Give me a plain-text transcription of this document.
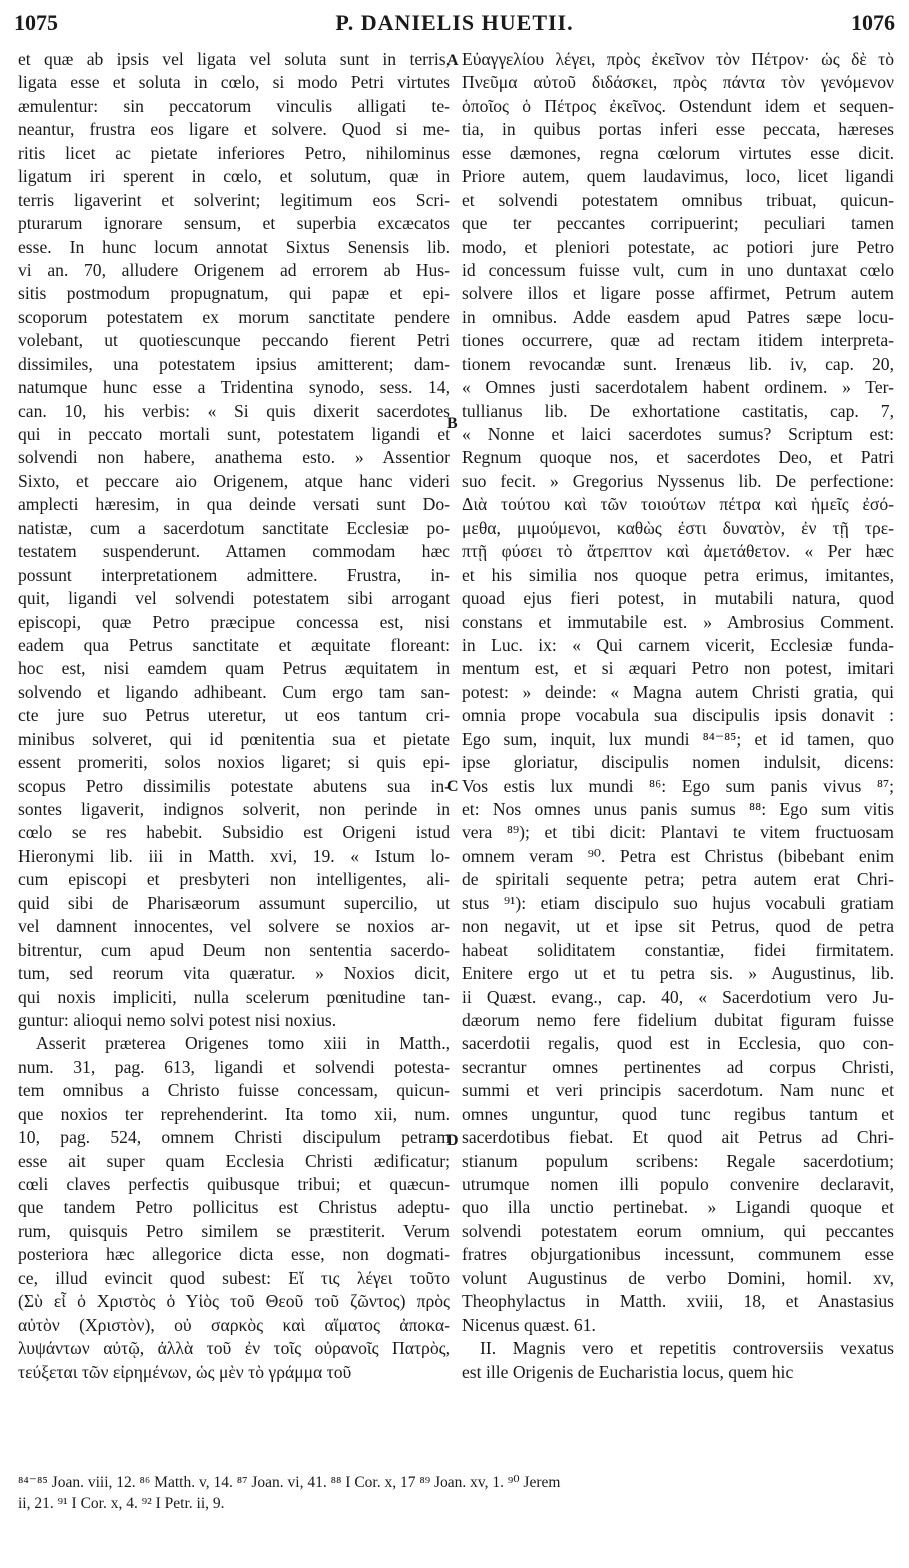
1075	P. DANIELIS HUETII.	1076
et quæ ab ipsis vel ligata vel soluta sunt in terris,
ligata esse et soluta in cœlo, si modo Petri virtutes
æmulentur: sin peccatorum vinculis alligati te-
neantur, frustra eos ligare et solvere. Quod si me-
ritis licet ac pietate inferiores Petro, nihilominus
ligatum iri sperent in cœlo, et solutum, quæ in
terris ligaverint et solverint; legitimum eos Scri-
pturarum ignorare sensum, et superbia excæcatos
esse. In hunc locum annotat Sixtus Senensis lib.
vi an. 70, alludere Origenem ad errorem ab Hus-
sitis postmodum propugnatum, qui papæ et epi-
scoporum potestatem ex morum sanctitate pendere
volebant, ut quotiescunque peccando fierent Petri
dissimiles, una potestatem ipsius amitterent; dam-
natumque hunc esse a Tridentina synodo, sess. 14,
can. 10, his verbis: « Si quis dixerit sacerdotes
qui in peccato mortali sunt, potestatem ligandi et
solvendi non habere, anathema esto. » Assentior
Sixto, et peccare aio Origenem, atque hanc videri
amplecti hæresim, in qua deinde versati sunt Do-
natistæ, cum a sacerdotum sanctitate Ecclesiæ po-
testatem suspenderunt. Attamen commodam hæc
possunt interpretationem admittere. Frustra, in-
quit, ligandi vel solvendi potestatem sibi arrogant
episcopi, quæ Petro præcipue concessa est, nisi
eadem qua Petrus sanctitate et æquitate floreant:
hoc est, nisi eamdem quam Petrus æquitatem in
solvendo et ligando adhibeant. Cum ergo tam san-
cte jure suo Petrus uteretur, ut eos tantum cri-
minibus solveret, qui id pœnitentia sua et pietate
essent promeriti, solos noxios ligaret; si quis epi-
scopus Petro dissimilis potestate abutens sua in-
sontes ligaverit, indignos solverit, non perinde in
cœlo se res habebit. Subsidio est Origeni istud
Hieronymi lib. iii in Matth. xvi, 19. « Istum lo-
cum episcopi et presbyteri non intelligentes, ali-
quid sibi de Pharisæorum assumunt supercilio, ut
vel damnent innocentes, vel solvere se noxios ar-
bitrentur, cum apud Deum non sententia sacerdo-
tum, sed reorum vita quæratur. » Noxios dicit,
qui noxis impliciti, nulla scelerum pœnitudine tan-
guntur: alioqui nemo solvi potest nisi noxius.
Asserit præterea Origenes tomo xiii in Matth.,
num. 31, pag. 613, ligandi et solvendi potesta-
tem omnibus a Christo fuisse concessam, quicun-
que noxios ter reprehenderint. Ita tomo xii, num.
10, pag. 524, omnem Christi discipulum petram
esse ait super quam Ecclesia Christi ædificatur;
cœli claves perfectis quibusque tribui; et quæcun-
que tandem Petro pollicitus est Christus adeptu-
rum, quisquis Petro similem se præstiterit. Verum
posteriora hæc allegorice dicta esse, non dogmati-
ce, illud evincit quod subest: Εἴ τις λέγει τοῦτο
(Σὺ εἶ ὁ Χριστὸς ὁ Υἱὸς τοῦ Θεοῦ τοῦ ζῶντος) πρὸς
αὐτὸν (Χριστὸν), οὐ σαρκὸς καὶ αἵματος ἀποκα-
λυψάντων αὐτῷ, ἀλλὰ τοῦ ἐν τοῖς οὐρανοῖς Πατρὸς,
τεύξεται τῶν εἰρημένων, ὡς μὲν τὸ γράμμα τοῦ
Εὐαγγελίου λέγει, πρὸς ἐκεῖνον τὸν Πέτρον· ὡς δὲ τὸ
Πνεῦμα αὐτοῦ διδάσκει, πρὸς πάντα τὸν γενόμενον
ὁποῖος ὁ Πέτρος ἐκεῖνος. Ostendunt idem et sequen-
tia, in quibus portas inferi esse peccata, hæreses
esse dæmones, regna cœlorum virtutes esse dicit.
Priore autem, quem laudavimus, loco, licet ligandi
et solvendi potestatem omnibus tribuat, quicun-
que ter peccantes corripuerint; peculiari tamen
modo, et pleniori potestate, ac potiori jure Petro
id concessum fuisse vult, cum in uno duntaxat cœlo
solvere illos et ligare posse affirmet, Petrum autem
in omnibus. Adde easdem apud Patres sæpe locu-
tiones occurrere, quæ ad rectam itidem interpreta-
tionem revocandæ sunt. Irenæus lib. iv, cap. 20,
« Omnes justi sacerdotalem habent ordinem. » Ter-
tullianus lib. De exhortatione castitatis, cap. 7,
« Nonne et laici sacerdotes sumus? Scriptum est:
Regnum quoque nos, et sacerdotes Deo, et Patri
suo fecit. » Gregorius Nyssenus lib. De perfectione:
Διὰ τούτου καὶ τῶν τοιούτων πέτρα καὶ ἡμεῖς ἐσό-
μεθα, μιμούμενοι, καθὼς ἐστι δυνατὸν, ἐν τῇ τρε-
πτῇ φύσει τὸ ἄτρεπτον καὶ ἀμετάθετον. « Per hæc
et his similia nos quoque petra erimus, imitantes,
quoad ejus fieri potest, in mutabili natura, quod
constans et immutabile est. » Ambrosius Comment.
in Luc. ix: « Qui carnem vicerit, Ecclesiæ funda-
mentum est, et si æquari Petro non potest, imitari
potest: » deinde: « Magna autem Christi gratia, qui
omnia prope vocabula sua discipulis ipsis donavit :
Ego sum, inquit, lux mundi ⁸⁴⁻⁸⁵; et id tamen, quo
ipse gloriatur, discipulis nomen indulsit, dicens:
Vos estis lux mundi ⁸⁶: Ego sum panis vivus ⁸⁷;
et: Nos omnes unus panis sumus ⁸⁸: Ego sum vitis
vera ⁸⁹); et tibi dicit: Plantavi te vitem fructuosam
omnem veram ⁹⁰. Petra est Christus (bibebant enim
de spiritali sequente petra; petra autem erat Chri-
stus ⁹¹): etiam discipulo suo hujus vocabuli gratiam
non negavit, ut et ipse sit Petrus, quod de petra
habeat soliditatem constantiæ, fidei firmitatem.
Enitere ergo ut et tu petra sis. » Augustinus, lib.
ii Quæst. evang., cap. 40, « Sacerdotium vero Ju-
dæorum nemo fere fidelium dubitat figuram fuisse
sacerdotii regalis, quod est in Ecclesia, quo con-
secrantur omnes pertinentes ad corpus Christi,
summi et veri principis sacerdotum. Nam nunc et
omnes unguntur, quod tunc regibus tantum et
sacerdotibus fiebat. Et quod ait Petrus ad Chri-
stianum populum scribens: Regale sacerdotium;
utrumque nomen illi populo convenire declaravit,
quo illa unctio pertinebat. » Ligandi quoque et
solvendi potestatem eorum omnium, qui peccantes
fratres objurgationibus incessunt, communem esse
volunt Augustinus de verbo Domini, homil. xv,
Theophylactus in Matth. xviii, 18, et Anastasius
Nicenus quæst. 61.
II. Magnis vero et repetitis controversiis vexatus
est ille Origenis de Eucharistia locus, quem hic
A
B
C
D
⁸⁴⁻⁸⁵ Joan. viii, 12. ⁸⁶ Matth. v, 14. ⁸⁷ Joan. vi, 41. ⁸⁸ I Cor. x, 17 ⁸⁹ Joan. xv, 1. ⁹⁰ Jerem
ii, 21. ⁹¹ I Cor. x, 4. ⁹² I Petr. ii, 9.
